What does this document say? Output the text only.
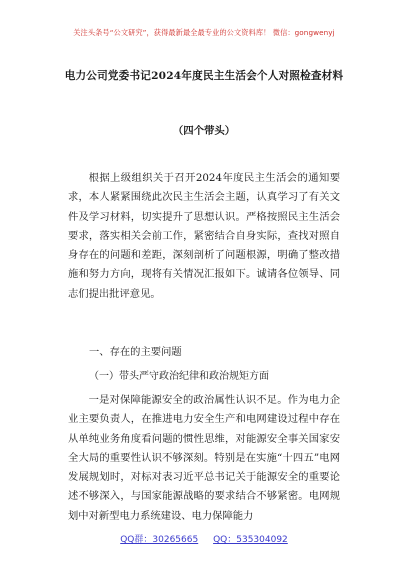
关注头条号“公文研究”，获得最新最全最专业的公文资料库！ 微信：gongwenyj
电力公司党委书记2024年度民主生活会个人对照检查材料
（四个带头）

根据上级组织关于召开2024年度民主生活会的通知要求，本人紧紧围绕此次民主生活会主题，认真学习了有关文件及学习材料，切实提升了思想认识。严格按照民主生活会要求，落实相关会前工作，紧密结合自身实际，查找对照自身存在的问题和差距，深刻剖析了问题根源，明确了整改措施和努力方向，现将有关情况汇报如下。诚请各位领导、同志们提出批评意见。

一、存在的主要问题

（一）带头严守政治纪律和政治规矩方面

一是对保障能源安全的政治属性认识不足。作为电力企业主要负责人，在推进电力安全生产和电网建设过程中存在从单纯业务角度看问题的惯性思维，对能源安全事关国家安全大局的重要性认识不够深刻。特别是在实施“十四五”电网发展规划时，对标对表习近平总书记关于能源安全的重要论述不够深入，与国家能源战略的要求结合不够紧密。电网规划中对新型电力系统建设、电力保障能力

QQ群：30265665 QQ：535304092
